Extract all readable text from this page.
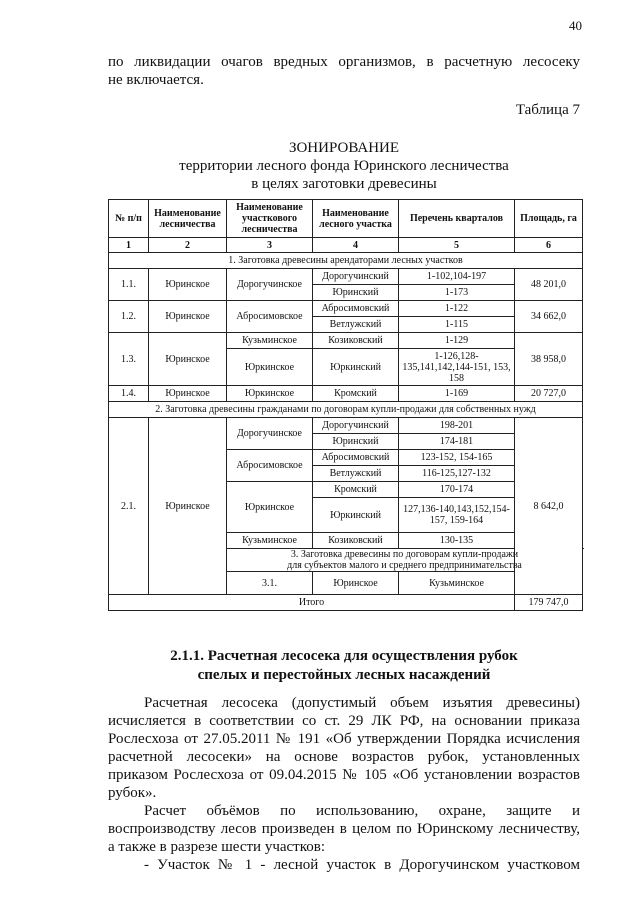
40
по ликвидации очагов вредных организмов, в расчетную лесосеку
не включается.
Таблица 7
ЗОНИРОВАНИЕ
территории лесного фонда Юринского лесничества
в целях заготовки древесины
№ п/п	Наименование лесничества	Наименование участкового лесничества	Наименование лесного участка	Перечень кварталов	Площадь, га	
1	2	3	4	5	6	
1. Заготовка древесины арендаторами лесных участков						
1.1.	Юринское	Дорогучинское	Дорогучинский	1-102,104-197	48 201,0	
			Юринский	1-173		
1.2.	Юринское	Абросимовское	Абросимовский	1-122	34 662,0	
			Ветлужский	1-115		
1.3.	Юринское	Кузьминское	Козиковский	1-129	38 958,0	
		Юркинское	Юркинский	1-126,128-135,141,142,144-151, 153, 158		
1.4.	Юринское	Юркинское	Кромский	1-169	20 727,0	
2. Заготовка древесины гражданами по договорам купли-продажи для собственных нужд						
2.1.	Юринское	Дорогучинское	Дорогучинский	198-201	8 642,0	
			Юринский	174-181		
		Абросимовское	Абросимовский	123-152, 154-165		
			Ветлужский	116-125,127-132		
		Юркинское	Кромский	170-174		
			Юркинский	127,136-140,143,152,154-157, 159-164		
		Кузьминское	Козиковский	130-135		

		3. Заготовка древесины по договорам купли-продажи
для субъектов малого и среднего предпринимательства				

		3.1.	Юринское	Кузьминское			
Итого					179 747,0	
2.1.1. Расчетная лесосека для осуществления рубок
спелых и перестойных лесных насаждений
Расчетная лесосека (допустимый объем изъятия древесины)
исчисляется в соответствии со ст. 29 ЛК РФ, на основании приказа
Рослесхоза от 27.05.2011 № 191 «Об утверждении Порядка исчисления
расчетной лесосеки» на основе возрастов рубок, установленных
приказом Рослесхоза от 09.04.2015 № 105 «Об установлении возрастов
рубок».
Расчет объёмов по использованию, охране, защите и
воспроизводству лесов произведен в целом по Юринскому лесничеству,
а также в разрезе шести участков:
- Участок № 1 - лесной участок в Дорогучинском участковом
